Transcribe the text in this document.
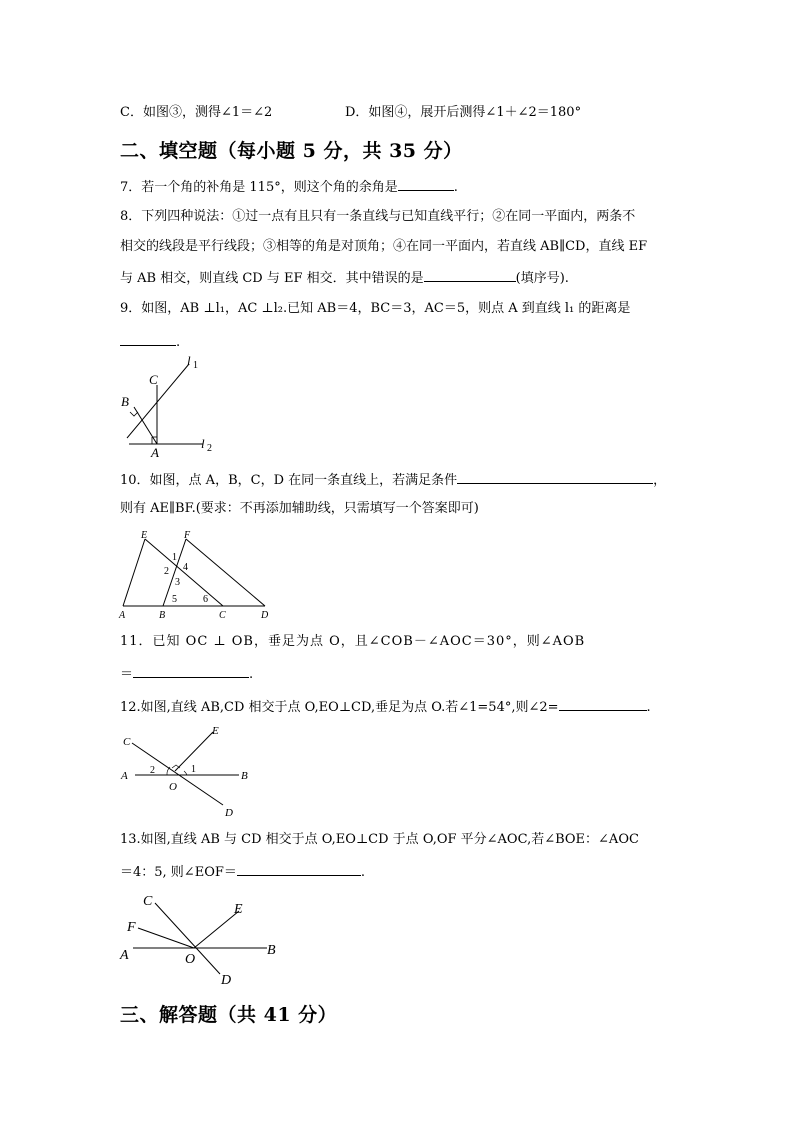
C．如图③，测得∠1＝∠2	D．如图④，展开后测得∠1＋∠2＝180°
二、填空题（每小题 5 分，共 35 分）
7．若一个角的补角是 115°，则这个角的余角是	.
8．下列四种说法：①过一点有且只有一条直线与已知直线平行；②在同一平面内，两条不
相交的线段是平行线段；③相等的角是对顶角；④在同一平面内，若直线 AB∥CD，直线 EF
与 AB 相交，则直线 CD 与 EF 相交．其中错误的是	(填序号).
9．如图，AB ⊥l₁，AC ⊥l₂.已知 AB＝4，BC＝3，AC＝5，则点 A 到直线 l₁ 的距离是
.
C
B
A
l 1
l 2
10．如图，点 A，B，C，D 在同一条直线上，若满足条件	，
则有 AE∥BF.(要求：不再添加辅助线，只需填写一个答案即可)
E	F
A	B	C	D
1
2
3
4
5	6
11．已知 OC ⊥ OB，垂足为点 O，且∠COB－∠AOC＝30°，则∠AOB
＝	.
12.如图,直线 AB,CD 相交于点 O,EO⊥CD,垂足为点 O.若∠1=54°,则∠2=	.
C
E
A	B
O
D
1
2
13.如图,直线 AB 与 CD 相交于点 O,EO⊥CD 于点 O,OF 平分∠AOC,若∠BOE：∠AOC
＝4：5, 则∠EOF＝	.
C
F
E
A	O
B
D
三、解答题（共 41 分）
